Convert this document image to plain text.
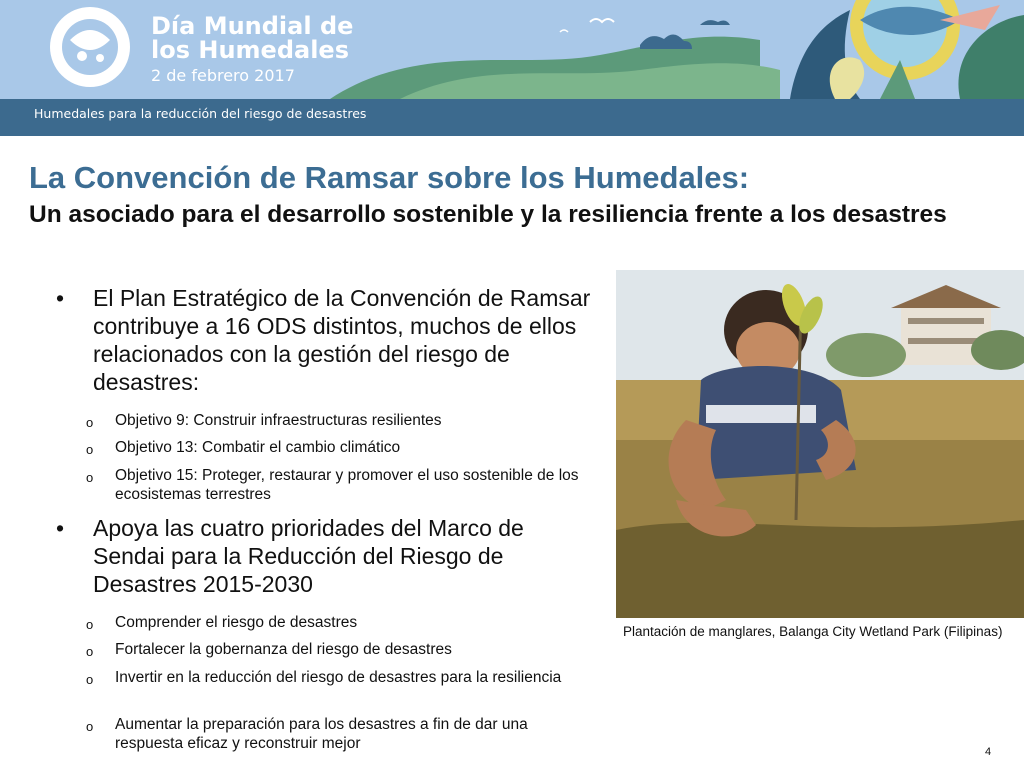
Día Mundial de
los Humedales
2 de febrero 2017
Humedales para la reducción del riesgo de desastres
La Convención de Ramsar sobre los Humedales:
Un asociado para el desarrollo sostenible y la resiliencia frente a los desastres
• El Plan Estratégico de la Convención de Ramsar contribuye a 16 ODS distintos, muchos de ellos relacionados con la gestión del riesgo de desastres:
o Objetivo 9: Construir infraestructuras resilientes
o Objetivo 13: Combatir el cambio climático
o Objetivo 15: Proteger, restaurar y promover el uso sostenible de los ecosistemas terrestres
• Apoya las cuatro prioridades del Marco de Sendai para la Reducción del Riesgo de Desastres 2015-2030
o Comprender el riesgo de desastres
o Fortalecer la gobernanza del riesgo de desastres
o Invertir en la reducción del riesgo de desastres para la resiliencia
o Aumentar la preparación para los desastres a fin de dar una respuesta eficaz y reconstruir mejor
Plantación de manglares, Balanga City Wetland Park (Filipinas)
4
